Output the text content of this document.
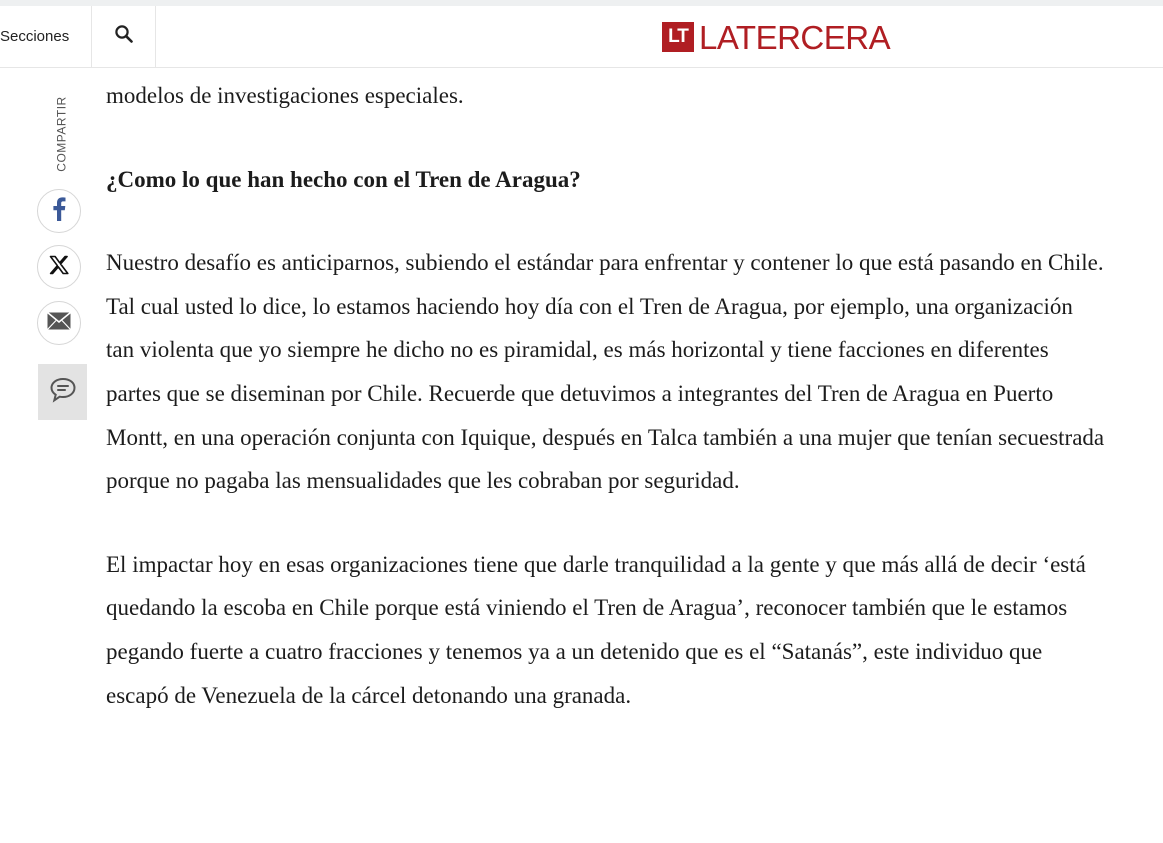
Secciones	LT LATERCERA
COMPARTIR

modelos de investigaciones especiales.

¿Como lo que han hecho con el Tren de Aragua?

Nuestro desafío es anticiparnos, subiendo el estándar para enfrentar y contener lo que está pasando en Chile. Tal cual usted lo dice, lo estamos haciendo hoy día con el Tren de Aragua, por ejemplo, una organización tan violenta que yo siempre he dicho no es piramidal, es más horizontal y tiene facciones en diferentes partes que se diseminan por Chile. Recuerde que detuvimos a integrantes del Tren de Aragua en Puerto Montt, en una operación conjunta con Iquique, después en Talca también a una mujer que tenían secuestrada porque no pagaba las mensualidades que les cobraban por seguridad.

El impactar hoy en esas organizaciones tiene que darle tranquilidad a la gente y que más allá de decir ‘está quedando la escoba en Chile porque está viniendo el Tren de Aragua’, reconocer también que le estamos pegando fuerte a cuatro fracciones y tenemos ya a un detenido que es el “Satanás”, este individuo que escapó de Venezuela de la cárcel detonando una granada.
